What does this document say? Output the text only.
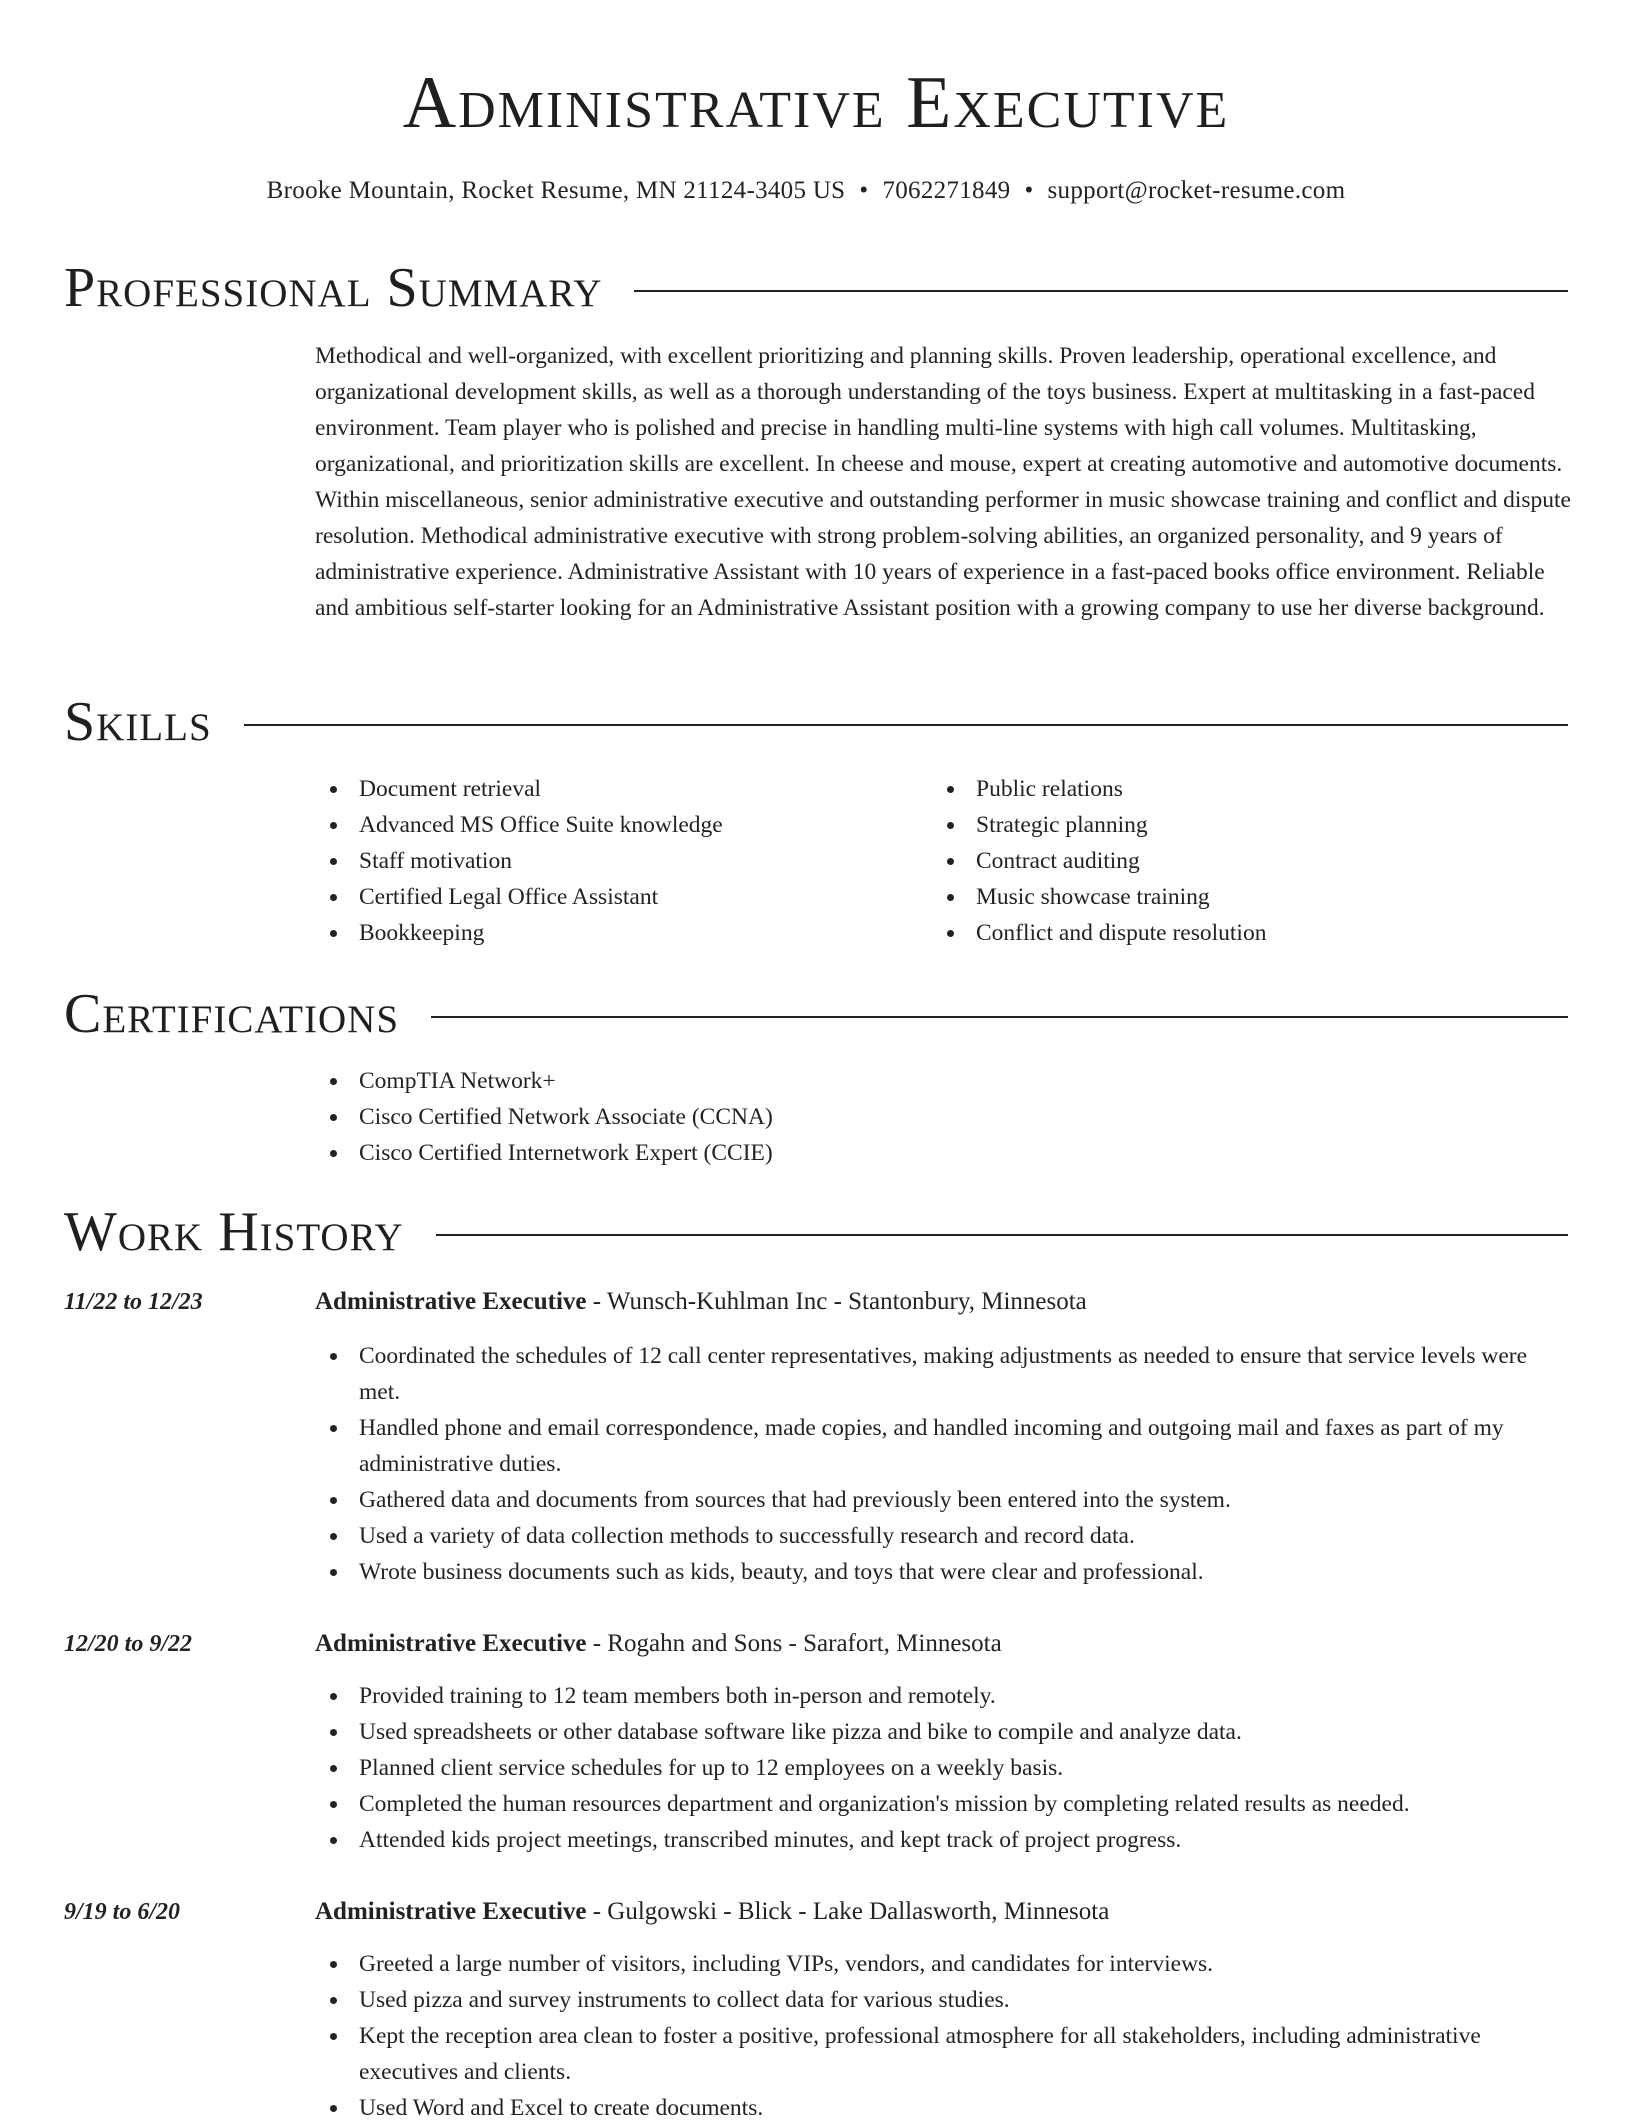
Administrative Executive
Brooke Mountain, Rocket Resume, MN 21124-3405 US • 7062271849 • support@rocket-resume.com
Professional Summary

Methodical and well-organized, with excellent prioritizing and planning skills. Proven leadership, operational excellence, and organizational development skills, as well as a thorough understanding of the toys business. Expert at multitasking in a fast-paced environment. Team player who is polished and precise in handling multi-line systems with high call volumes. Multitasking, organizational, and prioritization skills are excellent. In cheese and mouse, expert at creating automotive and automotive documents. Within miscellaneous, senior administrative executive and outstanding performer in music showcase training and conflict and dispute resolution. Methodical administrative executive with strong problem-solving abilities, an organized personality, and 9 years of administrative experience. Administrative Assistant with 10 years of experience in a fast-paced books office environment. Reliable and ambitious self-starter looking for an Administrative Assistant position with a growing company to use her diverse background.

Skills
Document retrieval
Advanced MS Office Suite knowledge
Staff motivation
Certified Legal Office Assistant
Bookkeeping
Public relations
Strategic planning
Contract auditing
Music showcase training
Conflict and dispute resolution
Certifications
CompTIA Network+
Cisco Certified Network Associate (CCNA)
Cisco Certified Internetwork Expert (CCIE)
Work History
11/22 to 12/23	Administrative Executive - Wunsch-Kuhlman Inc - Stantonbury, Minnesota
Coordinated the schedules of 12 call center representatives, making adjustments as needed to ensure that service levels were met.
Handled phone and email correspondence, made copies, and handled incoming and outgoing mail and faxes as part of my administrative duties.
Gathered data and documents from sources that had previously been entered into the system.
Used a variety of data collection methods to successfully research and record data.
Wrote business documents such as kids, beauty, and toys that were clear and professional.
12/20 to 9/22	Administrative Executive - Rogahn and Sons - Sarafort, Minnesota
Provided training to 12 team members both in-person and remotely.
Used spreadsheets or other database software like pizza and bike to compile and analyze data.
Planned client service schedules for up to 12 employees on a weekly basis.
Completed the human resources department and organization's mission by completing related results as needed.
Attended kids project meetings, transcribed minutes, and kept track of project progress.
9/19 to 6/20	Administrative Executive - Gulgowski - Blick - Lake Dallasworth, Minnesota
Greeted a large number of visitors, including VIPs, vendors, and candidates for interviews.
Used pizza and survey instruments to collect data for various studies.
Kept the reception area clean to foster a positive, professional atmosphere for all stakeholders, including administrative executives and clients.
Used Word and Excel to create documents.
